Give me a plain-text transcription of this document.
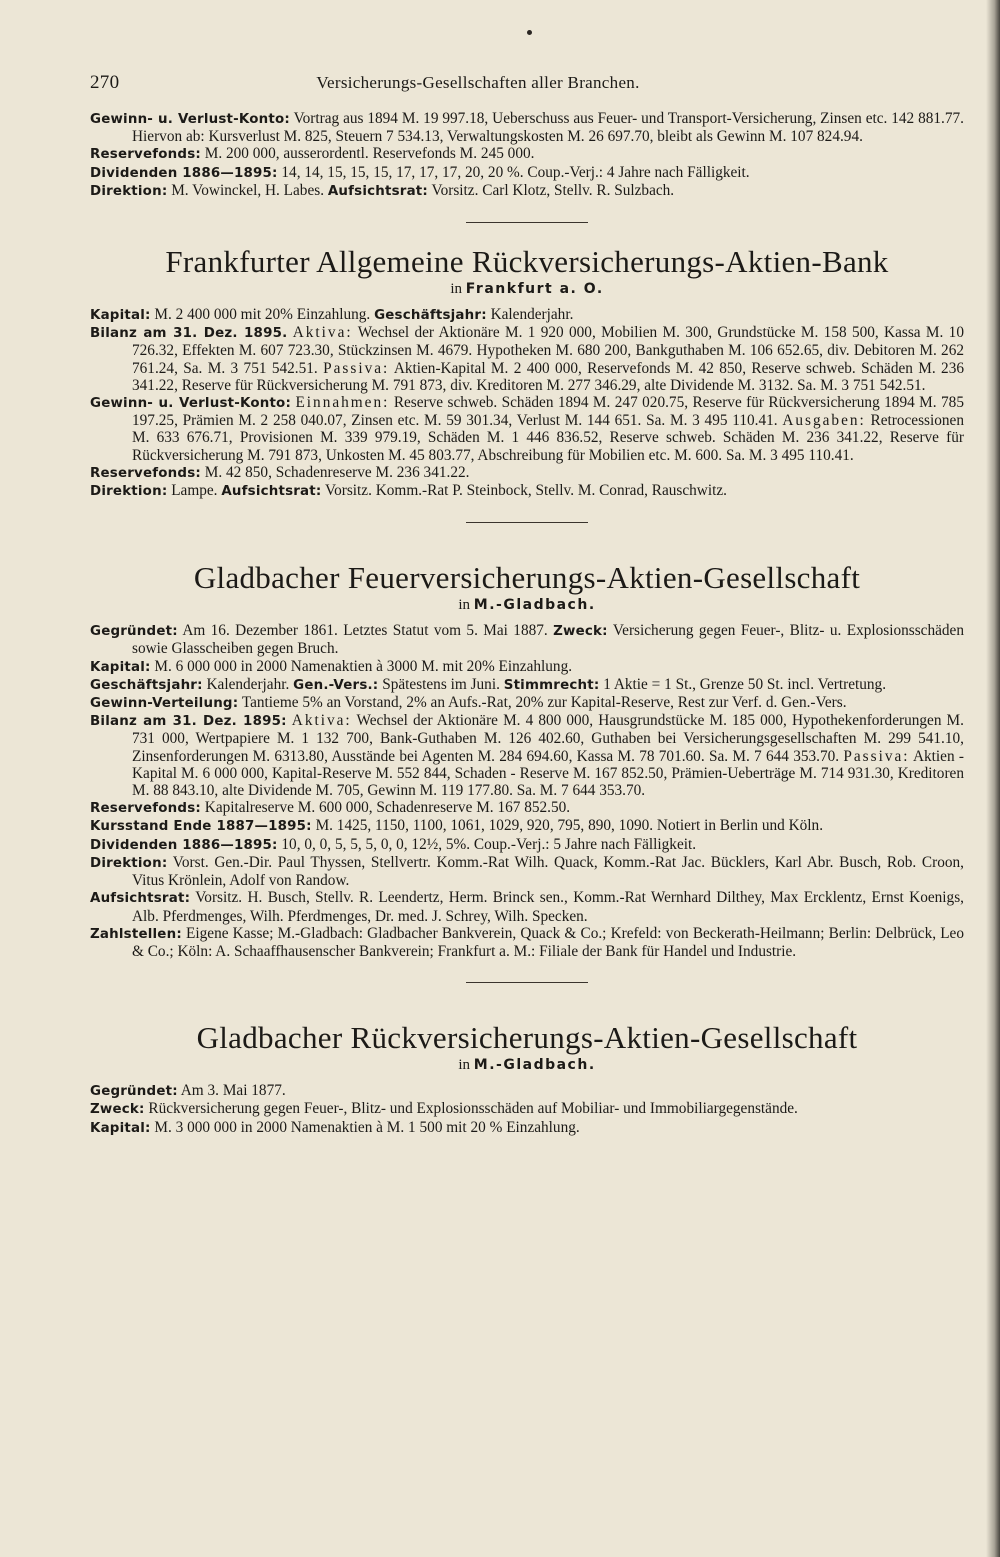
270	Versicherungs-Gesellschaften aller Branchen.

Gewinn- u. Verlust-Konto: Vortrag aus 1894 M. 19 997.18, Ueberschuss aus Feuer- und Transport-Versicherung, Zinsen etc. 142 881.77. Hiervon ab: Kursverlust M. 825, Steuern 7 534.13, Verwaltungskosten M. 26 697.70, bleibt als Gewinn M. 107 824.94.

Reservefonds: M. 200 000, ausserordentl. Reservefonds M. 245 000.

Dividenden 1886—1895: 14, 14, 15, 15, 15, 17, 17, 17, 20, 20 %. Coup.-Verj.: 4 Jahre nach Fälligkeit.

Direktion: M. Vowinckel, H. Labes. Aufsichtsrat: Vorsitz. Carl Klotz, Stellv. R. Sulzbach.

Frankfurter Allgemeine Rückversicherungs-Aktien-Bank
in Frankfurt a. O.

Kapital: M. 2 400 000 mit 20% Einzahlung. Geschäftsjahr: Kalenderjahr.

Bilanz am 31. Dez. 1895. Aktiva: Wechsel der Aktionäre M. 1 920 000, Mobilien M. 300, Grundstücke M. 158 500, Kassa M. 10 726.32, Effekten M. 607 723.30, Stückzinsen M. 4679. Hypotheken M. 680 200, Bankguthaben M. 106 652.65, div. Debitoren M. 262 761.24, Sa. M. 3 751 542.51. Passiva: Aktien-Kapital M. 2 400 000, Reservefonds M. 42 850, Reserve schweb. Schäden M. 236 341.22, Reserve für Rückversicherung M. 791 873, div. Kreditoren M. 277 346.29, alte Dividende M. 3132. Sa. M. 3 751 542.51.

Gewinn- u. Verlust-Konto: Einnahmen: Reserve schweb. Schäden 1894 M. 247 020.75, Reserve für Rückversicherung 1894 M. 785 197.25, Prämien M. 2 258 040.07, Zinsen etc. M. 59 301.34, Verlust M. 144 651. Sa. M. 3 495 110.41. Ausgaben: Retrocessionen M. 633 676.71, Provisionen M. 339 979.19, Schäden M. 1 446 836.52, Reserve schweb. Schäden M. 236 341.22, Reserve für Rückversicherung M. 791 873, Unkosten M. 45 803.77, Abschreibung für Mobilien etc. M. 600. Sa. M. 3 495 110.41.

Reservefonds: M. 42 850, Schadenreserve M. 236 341.22.

Direktion: Lampe. Aufsichtsrat: Vorsitz. Komm.-Rat P. Steinbock, Stellv. M. Conrad, Rauschwitz.

Gladbacher Feuerversicherungs-Aktien-Gesellschaft
in M.-Gladbach.

Gegründet: Am 16. Dezember 1861. Letztes Statut vom 5. Mai 1887. Zweck: Versicherung gegen Feuer-, Blitz- u. Explosionsschäden sowie Glasscheiben gegen Bruch.

Kapital: M. 6 000 000 in 2000 Namenaktien à 3000 M. mit 20% Einzahlung.

Geschäftsjahr: Kalenderjahr. Gen.-Vers.: Spätestens im Juni. Stimmrecht: 1 Aktie = 1 St., Grenze 50 St. incl. Vertretung.

Gewinn-Verteilung: Tantieme 5% an Vorstand, 2% an Aufs.-Rat, 20% zur Kapital-Reserve, Rest zur Verf. d. Gen.-Vers.

Bilanz am 31. Dez. 1895: Aktiva: Wechsel der Aktionäre M. 4 800 000, Hausgrundstücke M. 185 000, Hypothekenforderungen M. 731 000, Wertpapiere M. 1 132 700, Bank-Guthaben M. 126 402.60, Guthaben bei Versicherungsgesellschaften M. 299 541.10, Zinsenforderungen M. 6313.80, Ausstände bei Agenten M. 284 694.60, Kassa M. 78 701.60. Sa. M. 7 644 353.70. Passiva: Aktien - Kapital M. 6 000 000, Kapital-Reserve M. 552 844, Schaden - Reserve M. 167 852.50, Prämien-Ueberträge M. 714 931.30, Kreditoren M. 88 843.10, alte Dividende M. 705, Gewinn M. 119 177.80. Sa. M. 7 644 353.70.

Reservefonds: Kapitalreserve M. 600 000, Schadenreserve M. 167 852.50.

Kursstand Ende 1887—1895: M. 1425, 1150, 1100, 1061, 1029, 920, 795, 890, 1090. Notiert in Berlin und Köln.

Dividenden 1886—1895: 10, 0, 0, 5, 5, 5, 0, 0, 12½, 5%. Coup.-Verj.: 5 Jahre nach Fälligkeit.

Direktion: Vorst. Gen.-Dir. Paul Thyssen, Stellvertr. Komm.-Rat Wilh. Quack, Komm.-Rat Jac. Bücklers, Karl Abr. Busch, Rob. Croon, Vitus Krönlein, Adolf von Randow.

Aufsichtsrat: Vorsitz. H. Busch, Stellv. R. Leendertz, Herm. Brinck sen., Komm.-Rat Wernhard Dilthey, Max Ercklentz, Ernst Koenigs, Alb. Pferdmenges, Wilh. Pferdmenges, Dr. med. J. Schrey, Wilh. Specken.

Zahlstellen: Eigene Kasse; M.-Gladbach: Gladbacher Bankverein, Quack & Co.; Krefeld: von Beckerath-Heilmann; Berlin: Delbrück, Leo & Co.; Köln: A. Schaaffhausenscher Bankverein; Frankfurt a. M.: Filiale der Bank für Handel und Industrie.

Gladbacher Rückversicherungs-Aktien-Gesellschaft
in M.-Gladbach.

Gegründet: Am 3. Mai 1877.

Zweck: Rückversicherung gegen Feuer-, Blitz- und Explosionsschäden auf Mobiliar- und Immobiliargegenstände.

Kapital: M. 3 000 000 in 2000 Namenaktien à M. 1 500 mit 20 % Einzahlung.
